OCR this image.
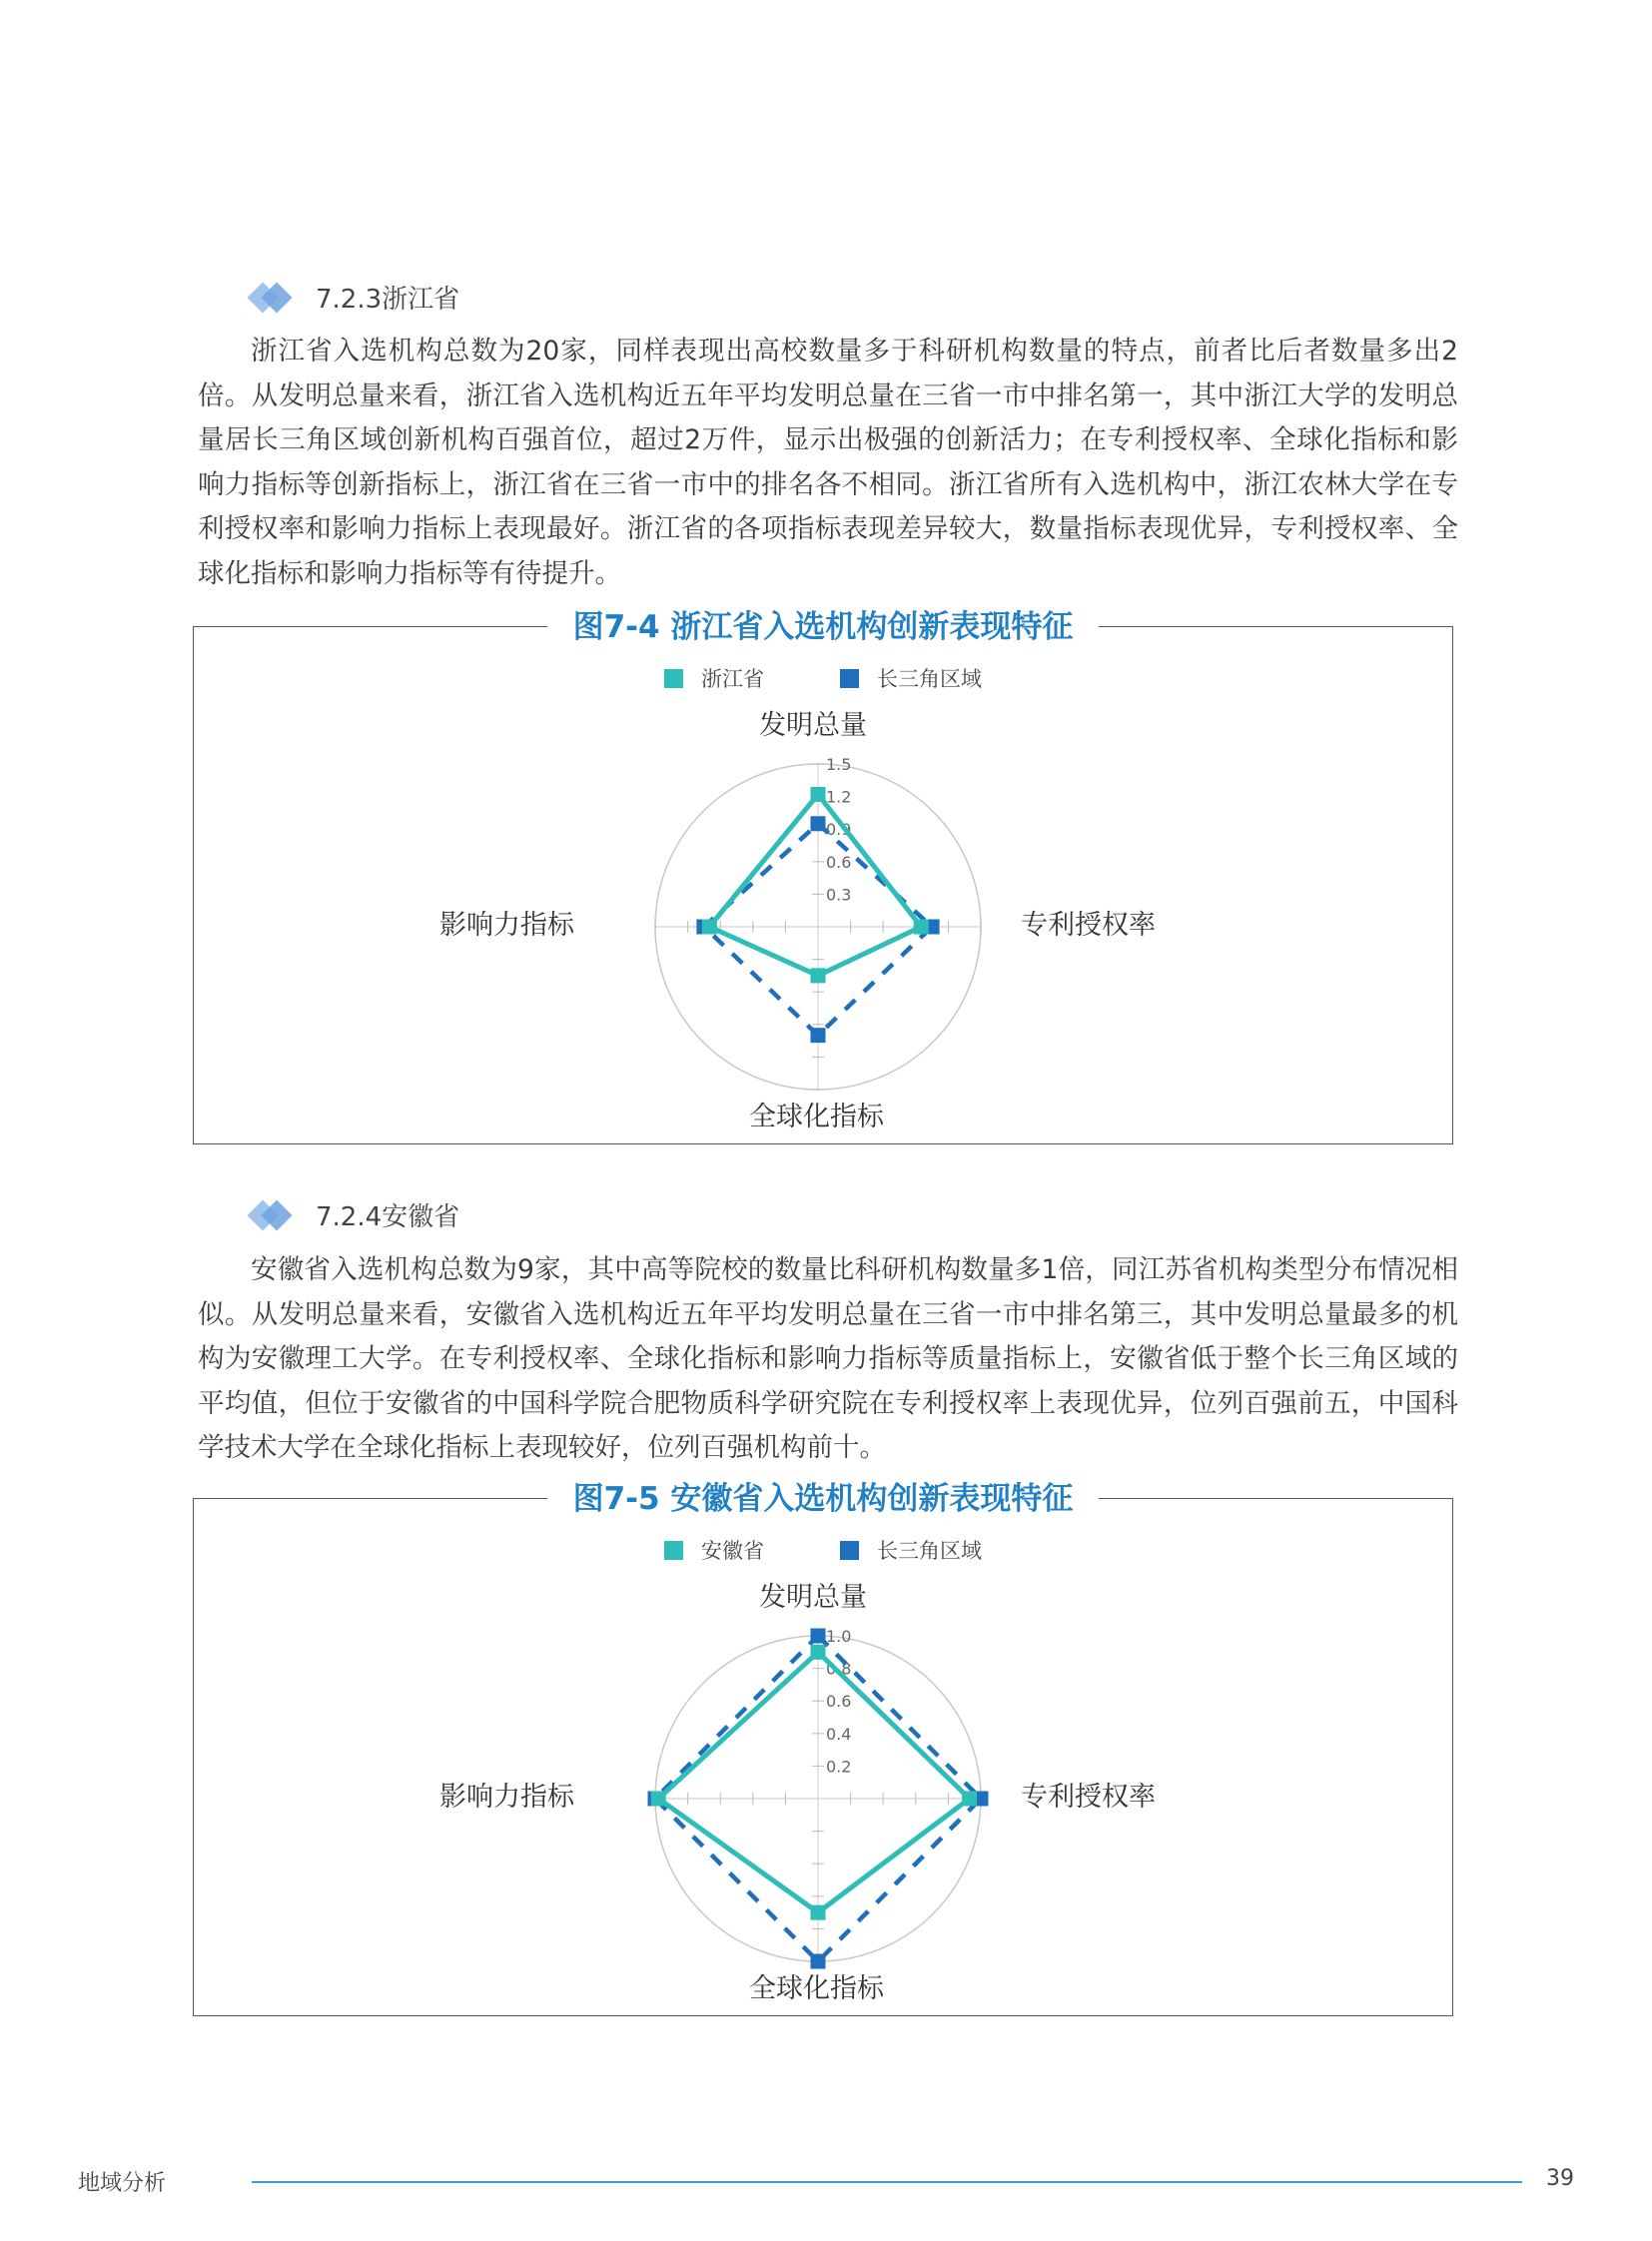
7.2.3浙江省
浙江省入选机构总数为20家，同样表现出高校数量多于科研机构数量的特点，前者比后者数量多出2倍。从发明总量来看，浙江省入选机构近五年平均发明总量在三省一市中排名第一，其中浙江大学的发明总量居长三角区域创新机构百强首位，超过2万件，显示出极强的创新活力；在专利授权率、全球化指标和影响力指标等创新指标上，浙江省在三省一市中的排名各不相同。浙江省所有入选机构中，浙江农林大学在专利授权率和影响力指标上表现最好。浙江省的各项指标表现差异较大，数量指标表现优异，专利授权率、全球化指标和影响力指标等有待提升。
图7-4 浙江省入选机构创新表现特征
浙江省	长三角区域
发明总量
专利授权率
全球化指标
影响力指标
0.3
0.6
0.9
1.2
1.5
7.2.4安徽省
安徽省入选机构总数为9家，其中高等院校的数量比科研机构数量多1倍，同江苏省机构类型分布情况相似。从发明总量来看，安徽省入选机构近五年平均发明总量在三省一市中排名第三，其中发明总量最多的机构为安徽理工大学。在专利授权率、全球化指标和影响力指标等质量指标上，安徽省低于整个长三角区域的平均值，但位于安徽省的中国科学院合肥物质科学研究院在专利授权率上表现优异，位列百强前五，中国科学技术大学在全球化指标上表现较好，位列百强机构前十。
图7-5 安徽省入选机构创新表现特征
安徽省	长三角区域
发明总量
专利授权率
全球化指标
影响力指标
0.2
0.4
0.6
0.8
1.0
地域分析	39
